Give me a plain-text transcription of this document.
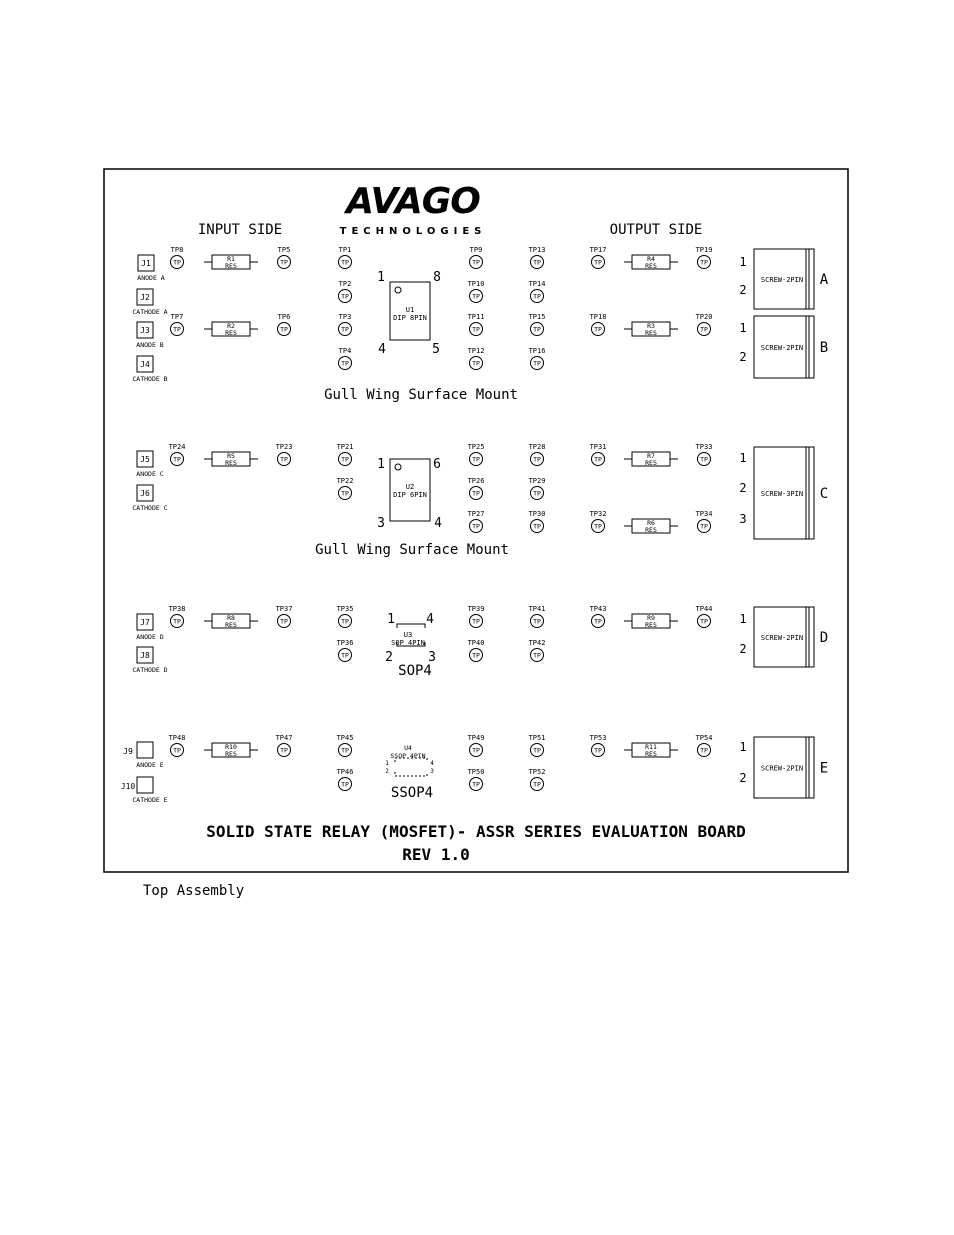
AVAGO
TECHNOLOGIES
INPUT SIDE	OUTPUT SIDE
Gull Wing Surface Mount
Gull Wing Surface Mount
SOP4
SSOP4
SOLID STATE RELAY (MOSFET)- ASSR SERIES EVALUATION BOARD
REV 1.0
Top Assembly
J1
ANODE A
J2
CATHODE A
J3
ANODE B
J4
CATHODE B
J5
ANODE C
J6
CATHODE C
J7
ANODE D
J8
CATHODE D
J9
ANODE E
J10
CATHODE E
TP
TP8
TP
TP5
TP
TP1
TP
TP9
TP
TP13
TP
TP17
TP
TP19
TP
TP2
TP
TP10
TP
TP14
TP
TP7
TP
TP6
TP
TP3
TP
TP11
TP
TP15
TP
TP18
TP
TP20
TP
TP4
TP
TP12
TP
TP16
TP
TP24
TP
TP23
TP
TP21
TP
TP25
TP
TP28
TP
TP31
TP
TP33
TP
TP22
TP
TP26
TP
TP29
TP
TP27
TP
TP30
TP
TP32
TP
TP34
TP
TP38
TP
TP37
TP
TP35
TP
TP39
TP
TP41
TP
TP43
TP
TP44
TP
TP36
TP
TP40
TP
TP42
TP
TP48
TP
TP47
TP
TP45
TP
TP49
TP
TP51
TP
TP53
TP
TP54
TP
TP46
TP
TP50
TP
TP52
R1
RES
R4
RES
R2
RES
R3
RES
R5
RES
R7
RES
R6
RES
R8
RES
R9
RES
R10
RES
R11
RES
U1
DIP 8PIN
1	8
4	5
U2
DIP 6PIN
1	6
3	4
U3
SOP 4PIN
1 4
2	3
U4
SSOP 4PIN
1	4
2	3
SCREW-2PIN A
1
2
SCREW-2PIN B
1
2
SCREW-3PIN C
1
2
3
SCREW-2PIN D
1
2
SCREW-2PIN E
1
2
